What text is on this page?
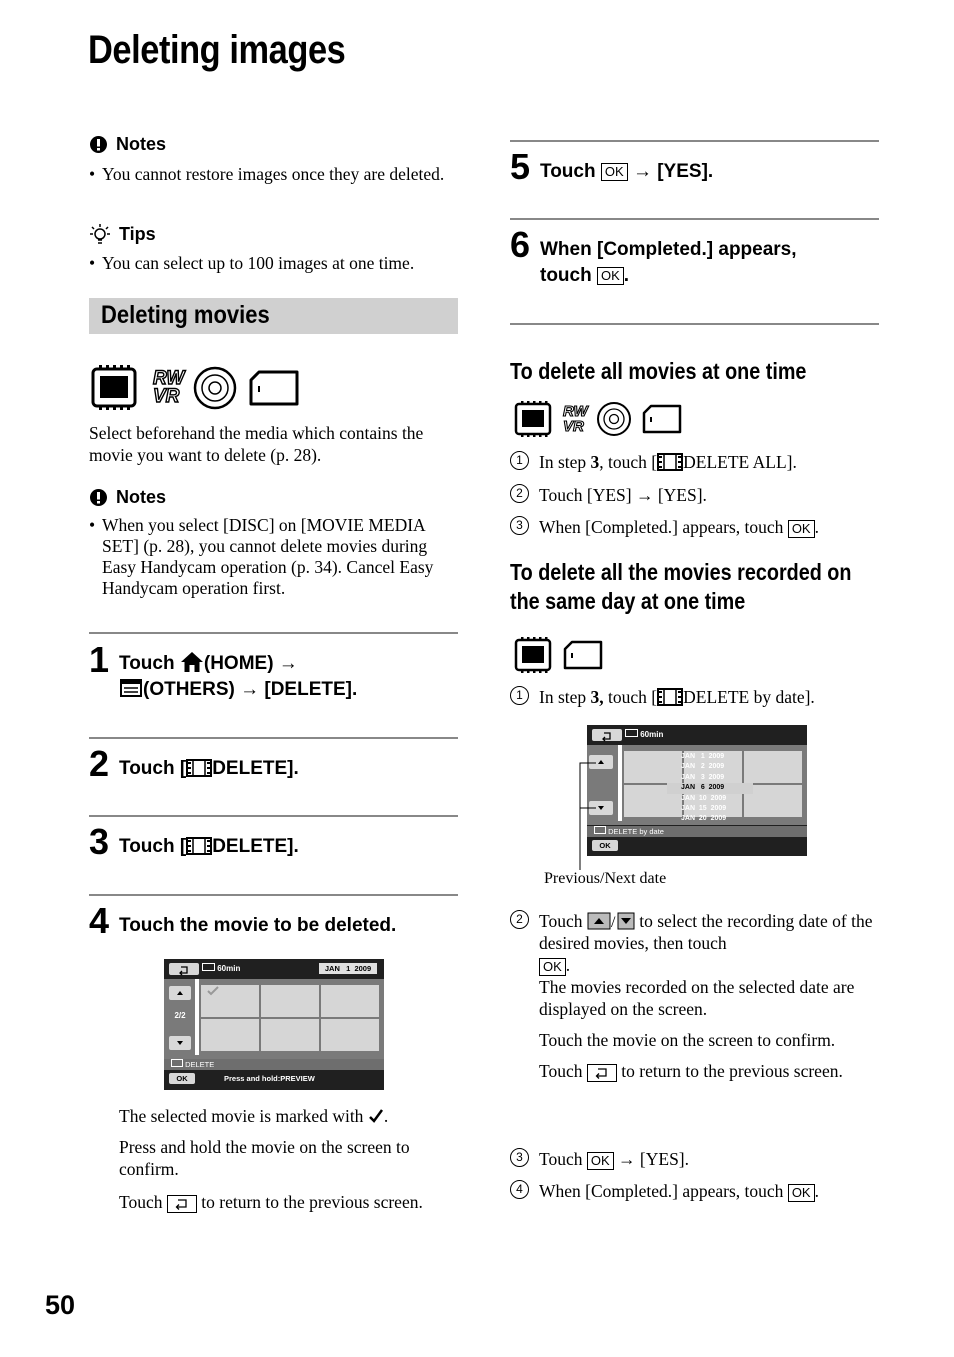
Deleting images
Notes
• You cannot restore images once they are deleted.
Tips
• You can select up to 100 images at one time.
Deleting movies
RW
VR
Select beforehand the media which contains the movie you want to delete (p. 28).
Notes
• When you select [DISC] on [MOVIE MEDIA SET] (p. 28), you cannot delete movies during Easy Handycam operation (p. 34). Cancel Easy Handycam operation first.
1 Touch (HOME) →
(OTHERS) → [DELETE].
2 Touch [ DELETE].
3 Touch [ DELETE].
4 Touch the movie to be deleted.
60min	JAN   1  2009
2/2
DELETE
OK	Press and hold:PREVIEW
The selected movie is marked with .
Press and hold the movie on the screen to confirm.
Touch to return to the previous screen.
5 Touch OK → [YES].
6 When [Completed.] appears,
touch OK .
To delete all movies at one time
RW
VR
1 In step 3, touch [ DELETE ALL].
2 Touch [YES] → [YES].
3 When [Completed.] appears, touch OK .
To delete all the movies recorded on
the same day at one time
1 In step 3, touch [ DELETE by date].
60min
JAN   1  2009
JAN   2  2009
JAN   3  2009
JAN   6  2009
JAN  10  2009
JAN  15  2009
JAN  20  2009
DELETE by date
OK
Previous/Next date
2 Touch / to select the recording date of the desired movies, then touch
OK .
The movies recorded on the selected date are displayed on the screen.
Touch the movie on the screen to confirm.
Touch to return to the previous screen.
3 Touch OK → [YES].
4 When [Completed.] appears, touch OK .
50
